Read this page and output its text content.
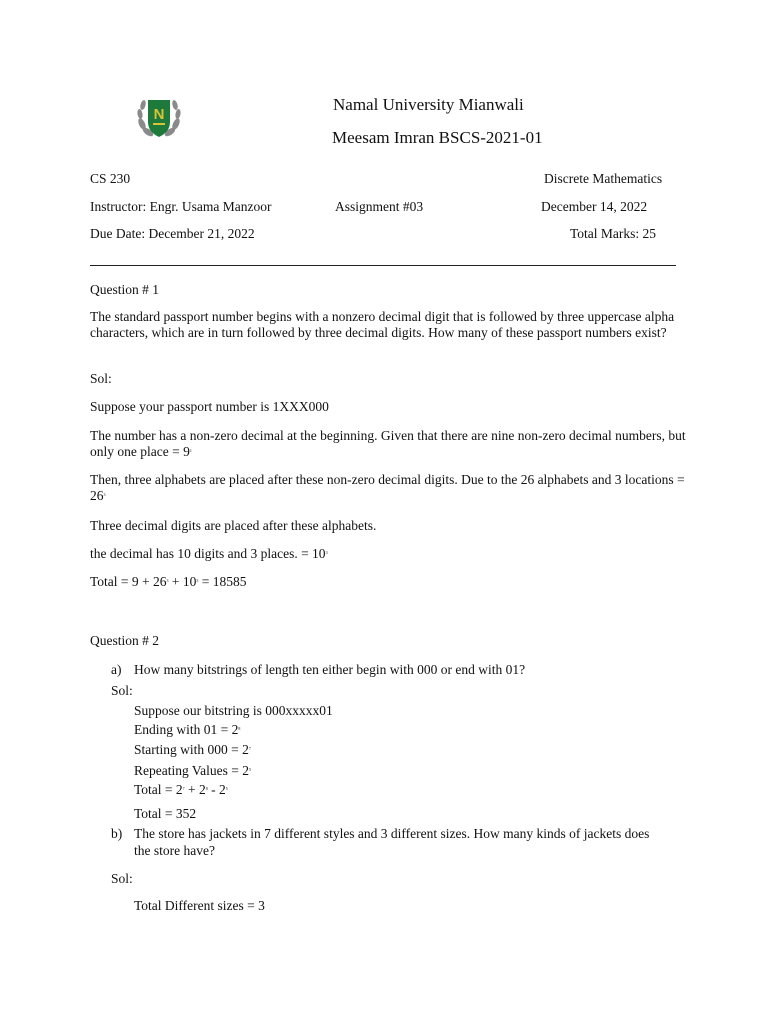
N
Namal University Mianwali
Meesam Imran BSCS-2021-01
CS 230	Discrete Mathematics
Instructor: Engr. Usama Manzoor	Assignment #03	December 14, 2022
Due Date: December 21, 2022	Total Marks: 25
Question # 1
The standard passport number begins with a nonzero decimal digit that is followed by three uppercase alpha characters, which are in turn followed by three decimal digits. How many of these passport numbers exist?
Sol:
Suppose your passport number is 1XXX000
The number has a non-zero decimal at the beginning. Given that there are nine non-zero decimal numbers, but only one place = $9^1$
Then, three alphabets are placed after these non-zero decimal digits. Due to the 26 alphabets and 3 locations = $26^3$
Three decimal digits are placed after these alphabets.
the decimal has 10 digits and 3 places. = $10^3$
Total = $9 + 26^3 + 10^3 = 18585$
Question # 2
a) How many bitstrings of length ten either begin with 000 or end with 01?
Sol:
Suppose our bitstring is 000xxxxx01
Ending with $01 = 2^8$
Starting with $000 = 2^7$
Repeating Values = $2^5$
Total = $2^7 + 2^8 - 2^5$
Total = 352
b) The store has jackets in 7 different styles and 3 different sizes. How many kinds of jackets does
the store have?
Sol:
Total Different sizes = 3
